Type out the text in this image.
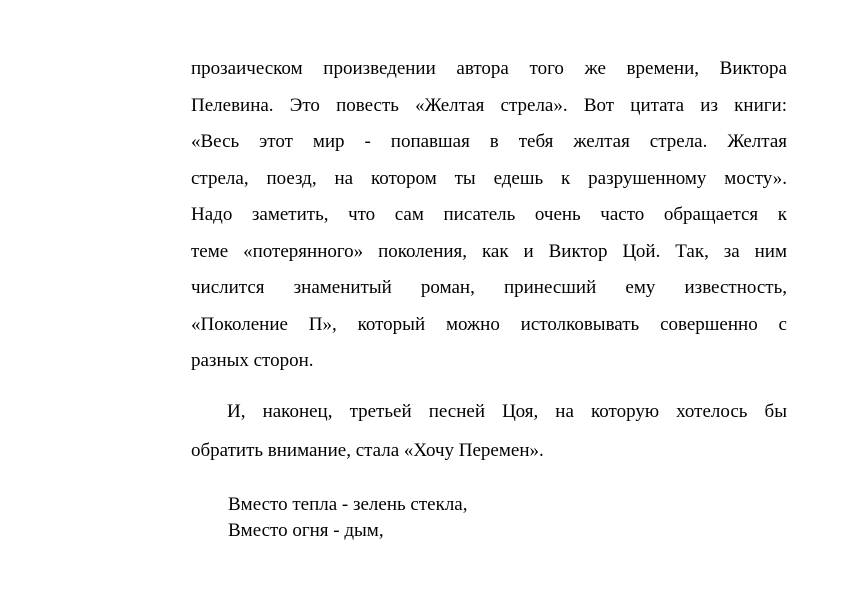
прозаическом произведении автора того же времени, Виктора
Пелевина. Это повесть «Желтая стрела». Вот цитата из книги:
«Весь этот мир - попавшая в тебя желтая стрела. Желтая
стрела, поезд, на котором ты едешь к разрушенному мосту».
Надо заметить, что сам писатель очень часто обращается к
теме «потерянного» поколения, как и Виктор Цой. Так, за ним
числится знаменитый роман, принесший ему известность,
«Поколение П», который можно истолковывать совершенно с
разных сторон.
И, наконец, третьей песней Цоя, на которую хотелось бы
обратить внимание, стала «Хочу Перемен».
Вместо тепла - зелень стекла,
Вместо огня - дым,
